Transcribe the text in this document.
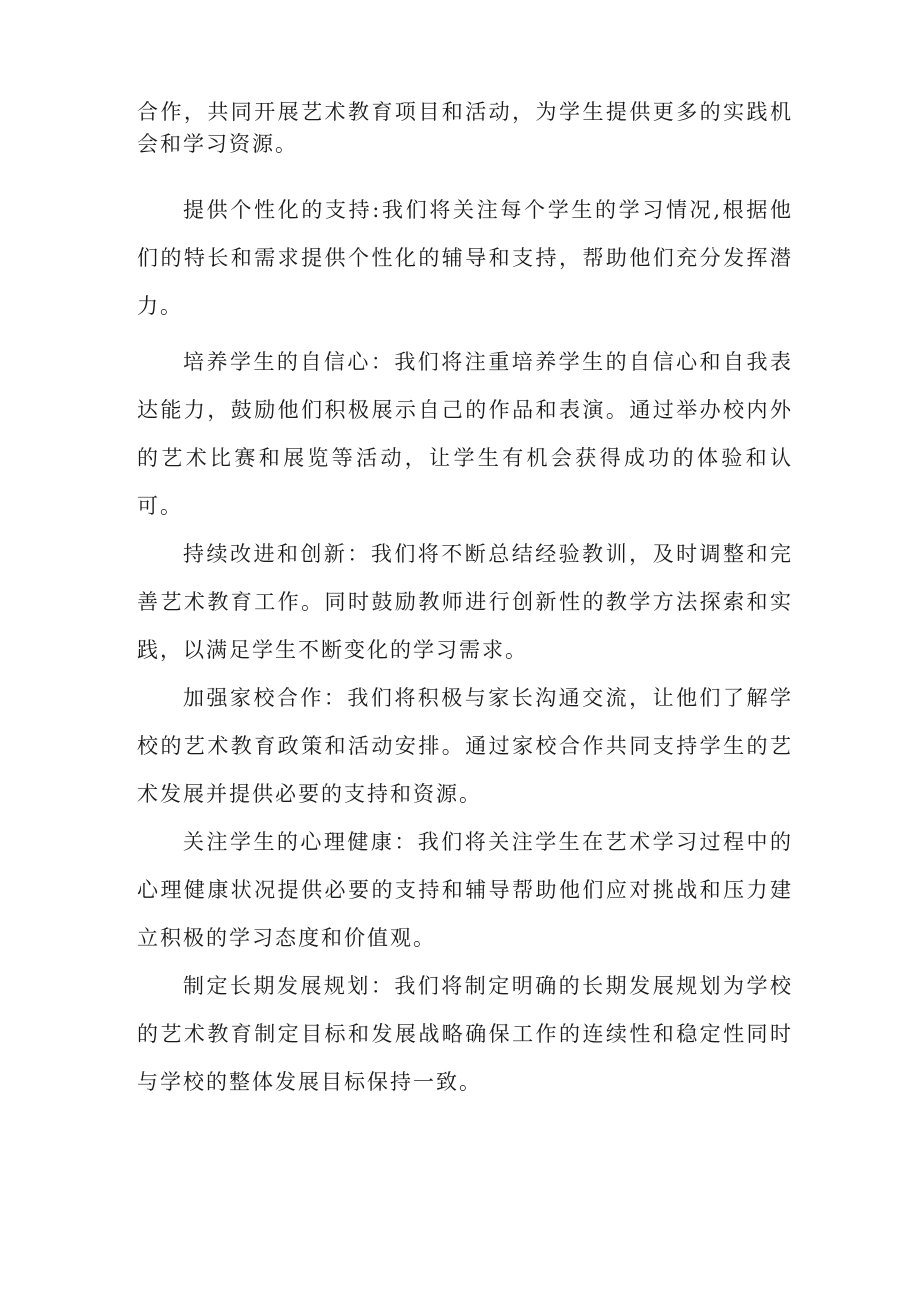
合作，共同开展艺术教育项目和活动，为学生提供更多的实践机会和学习资源。

提供个性化的支持:我们将关注每个学生的学习情况,根据他们的特长和需求提供个性化的辅导和支持，帮助他们充分发挥潜力。

培养学生的自信心：我们将注重培养学生的自信心和自我表达能力，鼓励他们积极展示自己的作品和表演。通过举办校内外的艺术比赛和展览等活动，让学生有机会获得成功的体验和认可。

持续改进和创新：我们将不断总结经验教训，及时调整和完善艺术教育工作。同时鼓励教师进行创新性的教学方法探索和实践，以满足学生不断变化的学习需求。

加强家校合作：我们将积极与家长沟通交流，让他们了解学校的艺术教育政策和活动安排。通过家校合作共同支持学生的艺术发展并提供必要的支持和资源。

关注学生的心理健康：我们将关注学生在艺术学习过程中的心理健康状况提供必要的支持和辅导帮助他们应对挑战和压力建立积极的学习态度和价值观。

制定长期发展规划：我们将制定明确的长期发展规划为学校的艺术教育制定目标和发展战略确保工作的连续性和稳定性同时与学校的整体发展目标保持一致。
